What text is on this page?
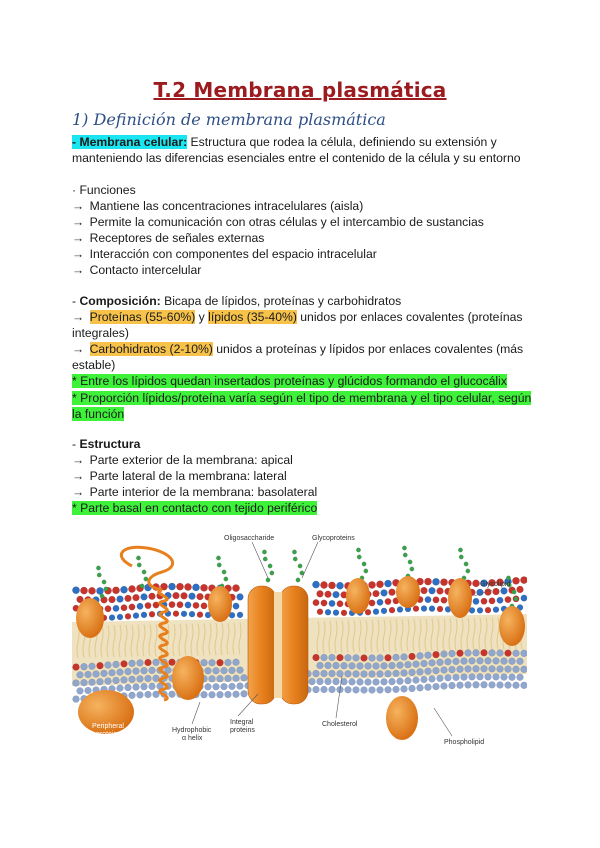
T.2 Membrana plasmática
1) Definición de membrana plasmática
- Membrana celular: Estructura que rodea la célula, definiendo su extensión y manteniendo las diferencias esenciales entre el contenido de la célula y su entorno
· Funciones
→ Mantiene las concentraciones intracelulares (aisla)
→ Permite la comunicación con otras células y el intercambio de sustancias
→ Receptores de señales externas
→ Interacción con componentes del espacio intracelular
→ Contacto intercelular
- Composición: Bicapa de lípidos, proteínas y carbohidratos
→ Proteínas (55-60%) y lípidos (35-40%) unidos por enlaces covalentes (proteínas integrales)
→ Carbohidratos (2-10%) unidos a proteínas y lípidos por enlaces covalentes (más estable)
* Entre los lípidos quedan insertados proteínas y glúcidos formando el glucocálix
* Proporción lípidos/proteína varía según el tipo de membrana y el tipo celular, según la función
- Estructura
→ Parte exterior de la membrana: apical
→ Parte lateral de la membrana: lateral
→ Parte interior de la membrana: basolateral
* Parte basal en contacto con tejido periférico
Oligosaccharide	Glycoproteins
Glycolipid
Peripheral
protein
Hydrophobic
α helix
Integral
proteins
Cholesterol
Phospholipid
